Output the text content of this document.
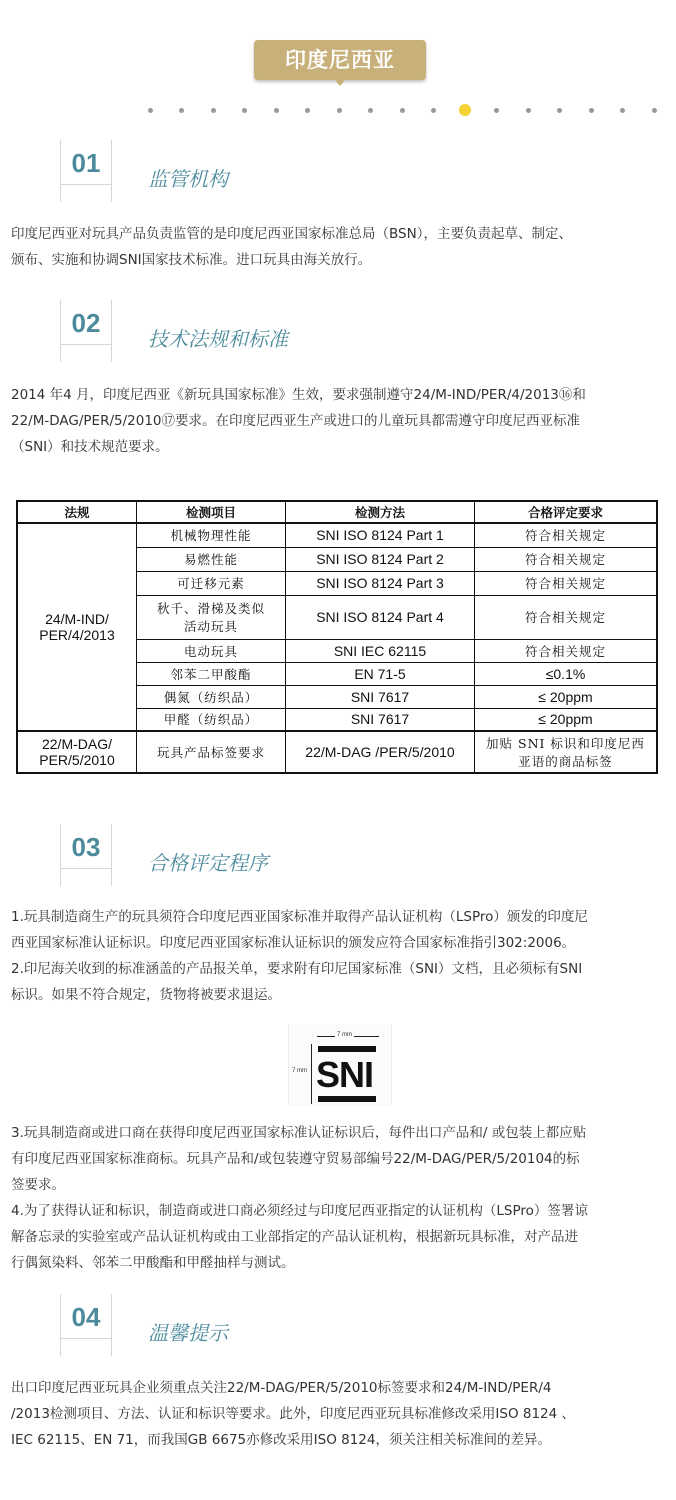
印度尼西亚
01
监管机构
印度尼西亚对玩具产品负责监管的是印度尼西亚国家标准总局（BSN），主要负责起草、制定、
颁布、实施和协调SNI国家技术标准。进口玩具由海关放行。
02
技术法规和标准
2014 年4 月，印度尼西亚《新玩具国家标准》生效，要求强制遵守24/M-IND/PER/4/2013⑯和
22/M-DAG/PER/5/2010⑰要求。在印度尼西亚生产或进口的儿童玩具都需遵守印度尼西亚标准
（SNI）和技术规范要求。
法规	检测项目	检测方法	合格评定要求
24/M-IND/
PER/4/2013	机械物理性能	SNI ISO 8124 Part 1	符合相关规定
	易燃性能	SNI ISO 8124 Part 2	符合相关规定
	可迁移元素	SNI ISO 8124 Part 3	符合相关规定
	秋千、滑梯及类似
活动玩具	SNI ISO 8124 Part 4	符合相关规定
	电动玩具	SNI IEC 62115	符合相关规定
	邻苯二甲酸酯	EN 71-5	≤0.1%
	偶氮（纺织品）	SNI 7617	≤ 20ppm
	甲醛（纺织品）	SNI 7617	≤ 20ppm
22/M-DAG/
PER/5/2010	玩具产品标签要求	22/M-DAG /PER/5/2010	加贴 SNI 标识和印度尼西
亚语的商品标签
03
合格评定程序
1.玩具制造商生产的玩具须符合印度尼西亚国家标准并取得产品认证机构（LSPro）颁发的印度尼
西亚国家标准认证标识。印度尼西亚国家标准认证标识的颁发应符合国家标准指引302:2006。
2.印尼海关收到的标准涵盖的产品报关单，要求附有印尼国家标准（SNI）文档，且必须标有SNI
标识。如果不符合规定，货物将被要求退运。
7 mm
7 mm SNI
3.玩具制造商或进口商在获得印度尼西亚国家标准认证标识后，每件出口产品和/ 或包装上都应贴
有印度尼西亚国家标准商标。玩具产品和/或包装遵守贸易部编号22/M-DAG/PER/5/20104的标
签要求。
4.为了获得认证和标识，制造商或进口商必须经过与印度尼西亚指定的认证机构（LSPro）签署谅
解备忘录的实验室或产品认证机构或由工业部指定的产品认证机构，根据新玩具标准，对产品进
行偶氮染料、邻苯二甲酸酯和甲醛抽样与测试。
04
温馨提示
出口印度尼西亚玩具企业须重点关注22/M-DAG/PER/5/2010标签要求和24/M-IND/PER/4
/2013检测项目、方法、认证和标识等要求。此外，印度尼西亚玩具标准修改采用ISO 8124 、
IEC 62115、EN 71，而我国GB 6675亦修改采用ISO 8124，须关注相关标准间的差异。
